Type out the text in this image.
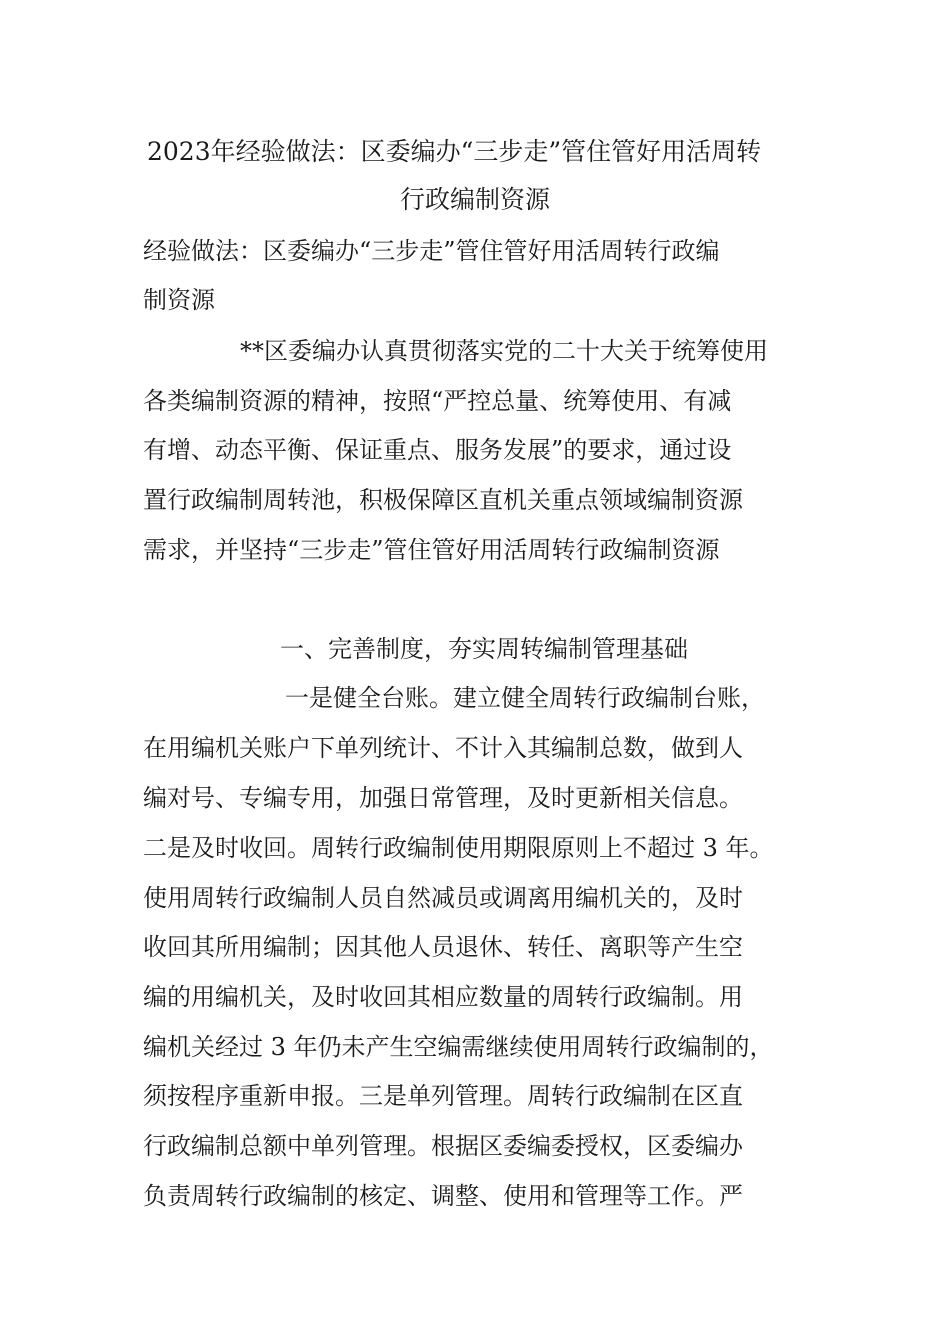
2023年经验做法：区委编办“三步走”管住管好用活周转
行政编制资源
经验做法：区委编办“三步走”管住管好用活周转行政编
制资源
**区委编办认真贯彻落实党的二十大关于统筹使用
各类编制资源的精神，按照“严控总量、统筹使用、有减
有增、动态平衡、保证重点、服务发展”的要求，通过设
置行政编制周转池，积极保障区直机关重点领域编制资源
需求，并坚持“三步走”管住管好用活周转行政编制资源
一、完善制度，夯实周转编制管理基础
一是健全台账。建立健全周转行政编制台账，
在用编机关账户下单列统计、不计入其编制总数，做到人
编对号、专编专用，加强日常管理，及时更新相关信息。
二是及时收回。周转行政编制使用期限原则上不超过 3 年。
使用周转行政编制人员自然减员或调离用编机关的，及时
收回其所用编制；因其他人员退休、转任、离职等产生空
编的用编机关，及时收回其相应数量的周转行政编制。用
编机关经过 3 年仍未产生空编需继续使用周转行政编制的，
须按程序重新申报。三是单列管理。周转行政编制在区直
行政编制总额中单列管理。根据区委编委授权，区委编办
负责周转行政编制的核定、调整、使用和管理等工作。严
